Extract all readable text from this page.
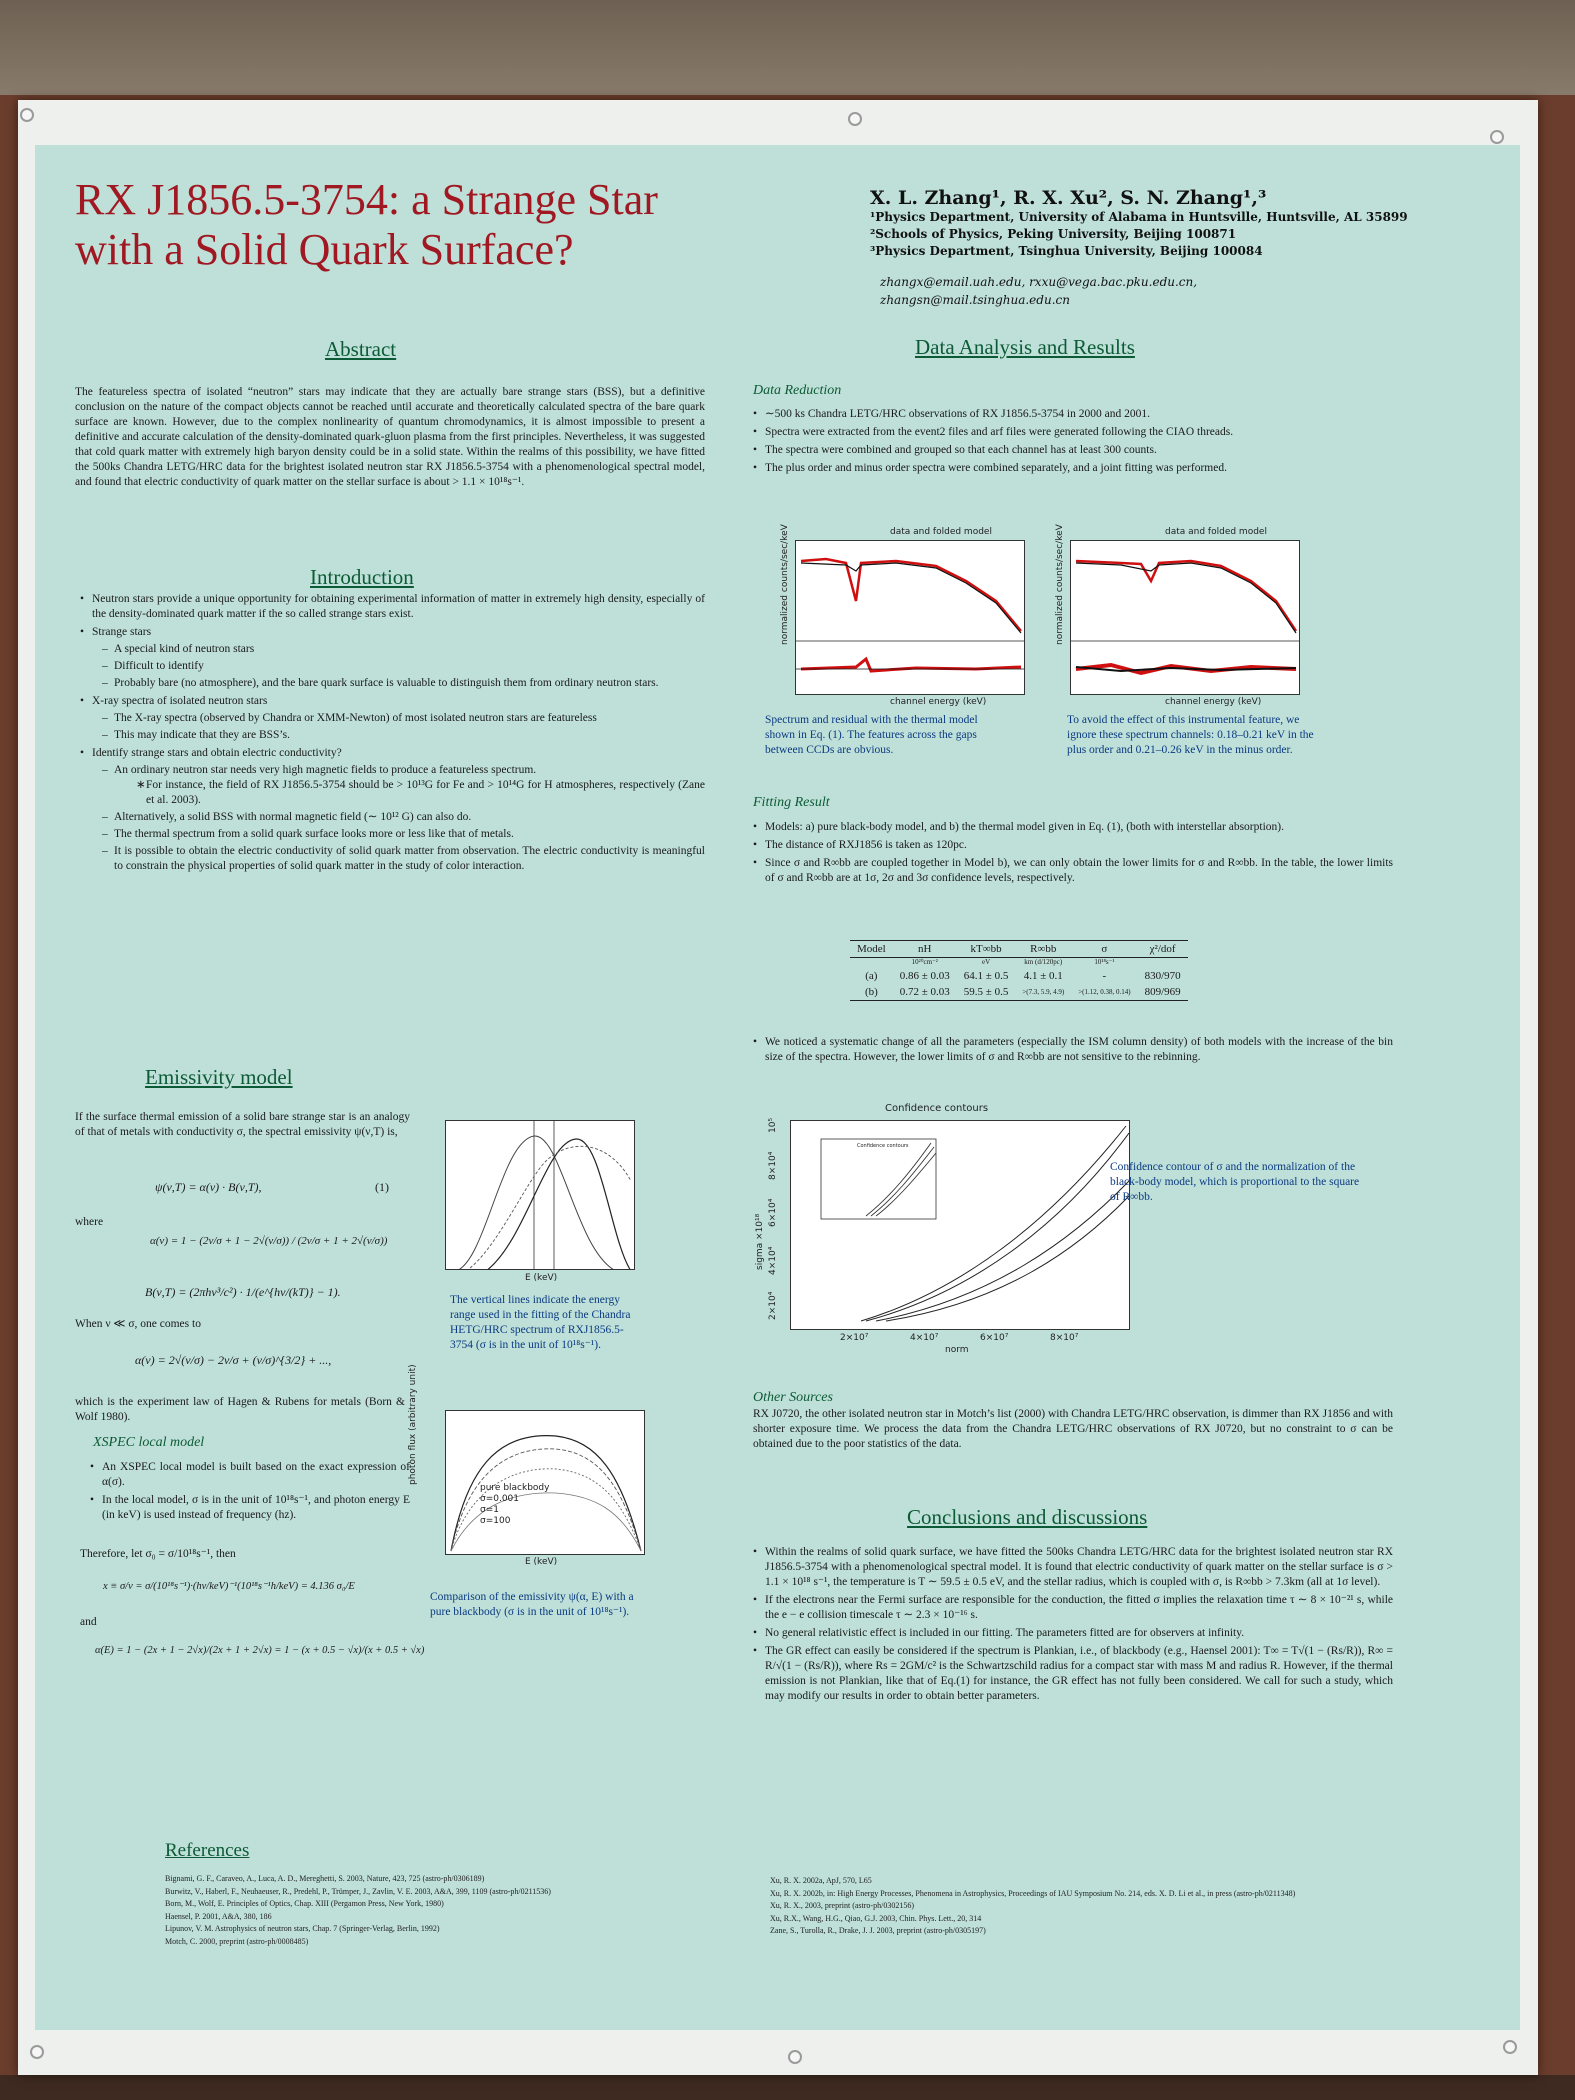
RX J1856.5-3754: a Strange Star
with a Solid Quark Surface?
X. L. Zhang¹, R. X. Xu², S. N. Zhang¹,³
¹Physics Department, University of Alabama in Huntsville, Huntsville, AL 35899
²Schools of Physics, Peking University, Beijing 100871
³Physics Department, Tsinghua University, Beijing 100084
zhangx@email.uah.edu, rxxu@vega.bac.pku.edu.cn,
zhangsn@mail.tsinghua.edu.cn
Abstract
The featureless spectra of isolated “neutron” stars may indicate that they are actually bare strange stars (BSS), but a definitive conclusion on the nature of the compact objects cannot be reached until accurate and theoretically calculated spectra of the bare quark surface are known. However, due to the complex nonlinearity of quantum chromodynamics, it is almost impossible to present a definitive and accurate calculation of the density-dominated quark-gluon plasma from the first principles. Nevertheless, it was suggested that cold quark matter with extremely high baryon density could be in a solid state. Within the realms of this possibility, we have fitted the 500ks Chandra LETG/HRC data for the brightest isolated neutron star RX J1856.5-3754 with a phenomenological spectral model, and found that electric conductivity of quark matter on the stellar surface is about > 1.1 × 10¹⁸s⁻¹.
Introduction
• Neutron stars provide a unique opportunity for obtaining experimental information of matter in extremely high density, especially of the density-dominated quark matter if the so called strange stars exist.
• Strange stars
– A special kind of neutron stars
– Difficult to identify
– Probably bare (no atmosphere), and the bare quark surface is valuable to distinguish them from ordinary neutron stars.
• X-ray spectra of isolated neutron stars
– The X-ray spectra (observed by Chandra or XMM-Newton) of most isolated neutron stars are featureless
– This may indicate that they are BSS’s.
• Identify strange stars and obtain electric conductivity?
– An ordinary neutron star needs very high magnetic fields to produce a featureless spectrum.
∗ For instance, the field of RX J1856.5-3754 should be > 10¹³G for Fe and > 10¹⁴G for H atmospheres, respectively (Zane et al. 2003).
– Alternatively, a solid BSS with normal magnetic field (∼ 10¹² G) can also do.
– The thermal spectrum from a solid quark surface looks more or less like that of metals.
– It is possible to obtain the electric conductivity of solid quark matter from observation. The electric conductivity is meaningful to constrain the physical properties of solid quark matter in the study of color interaction.
Emissivity model
If the surface thermal emission of a solid bare strange star is an analogy of that of metals with conductivity σ, the spectral emissivity ψ(ν,T) is,
ψ(ν,T) = α(ν) · B(ν,T),	(1)
where
α(ν) = 1 − (2ν/σ + 1 − 2√(ν/σ)) / (2ν/σ + 1 + 2√(ν/σ))
B(ν,T) = (2πhν³/c²) · 1/(e^{hν/(kT)} − 1).
When ν ≪ σ, one comes to
α(ν) = 2√(ν/σ) − 2ν/σ + (ν/σ)^{3/2} + ...,
which is the experiment law of Hagen & Rubens for metals (Born & Wolf 1980).
E (keV)
The vertical lines indicate the energy range used in the fitting of the Chandra HETG/HRC spectrum of RXJ1856.5-3754 (σ is in the unit of 10¹⁸s⁻¹).
XSPEC local model
• An XSPEC local model is built based on the exact expression of α(σ).
• In the local model, σ is in the unit of 10¹⁸s⁻¹, and photon energy E (in keV) is used instead of frequency (hz).
Therefore, let σ₀ = σ/10¹⁸s⁻¹, then
x ≡ σ/ν = σ/(10¹⁸s⁻¹)·(hν/keV)⁻¹(10¹⁸s⁻¹h/keV) = 4.136 σ₀/E
and
α(E) = 1 − (2x + 1 − 2√x)/(2x + 1 + 2√x) = 1 − (x + 0.5 − √x)/(x + 0.5 + √x)
pure blackbody
σ=0.001
σ=1
σ=100
E (keV)
photon flux (arbitrary unit)
Comparison of the emissivity ψ(α, E) with a pure blackbody (σ is in the unit of 10¹⁸s⁻¹).
Data Analysis and Results
Data Reduction
• ∼500 ks Chandra LETG/HRC observations of RX J1856.5-3754 in 2000 and 2001.
• Spectra were extracted from the event2 files and arf files were generated following the CIAO threads.
• The spectra were combined and grouped so that each channel has at least 300 counts.
• The plus order and minus order spectra were combined separately, and a joint fitting was performed.
data and folded model
channel energy (keV)
normalized counts/sec/keV
Spectrum and residual with the thermal model shown in Eq. (1). The features across the gaps between CCDs are obvious.
data and folded model
channel energy (keV)
normalized counts/sec/keV
To avoid the effect of this instrumental feature, we ignore these spectrum channels: 0.18–0.21 keV in the plus order and 0.21–0.26 keV in the minus order.
Fitting Result
• Models: a) pure black-body model, and b) the thermal model given in Eq. (1), (both with interstellar absorption).
• The distance of RXJ1856 is taken as 120pc.
• Since σ and R∞bb are coupled together in Model b), we can only obtain the lower limits for σ and R∞bb. In the table, the lower limits of σ and R∞bb are at 1σ, 2σ and 3σ confidence levels, respectively.
Model	nH	kT∞bb	R∞bb	σ	χ²/dof
	10²⁰cm⁻²	eV	km (d/120pc)	10¹⁸s⁻¹	
(a)	0.86 ± 0.03	64.1 ± 0.5	4.1 ± 0.1	-	830/970
(b)	0.72 ± 0.03	59.5 ± 0.5	>(7.3, 5.9, 4.9)	>(1.12, 0.38, 0.14)	809/969
• We noticed a systematic change of all the parameters (especially the ISM column density) of both models with the increase of the bin size of the spectra. However, the lower limits of σ and R∞bb are not sensitive to the rebinning.
Confidence contours
Confidence contours
2×10⁷	4×10⁷	6×10⁷	8×10⁷
norm
2×10⁴
4×10⁴
6×10⁴
8×10⁴
10⁵
sigma ×10¹⁸
Confidence contour of σ and the normalization of the black-body model, which is proportional to the square of R∞bb.
Other Sources
RX J0720, the other isolated neutron star in Motch’s list (2000) with Chandra LETG/HRC observation, is dimmer than RX J1856 and with shorter exposure time. We process the data from the Chandra LETG/HRC observations of RX J0720, but no constraint to σ can be obtained due to the poor statistics of the data.
Conclusions and discussions
• Within the realms of solid quark surface, we have fitted the 500ks Chandra LETG/HRC data for the brightest isolated neutron star RX J1856.5-3754 with a phenomenological spectral model. It is found that electric conductivity of quark matter on the stellar surface is σ > 1.1 × 10¹⁸ s⁻¹, the temperature is T ∼ 59.5 ± 0.5 eV, and the stellar radius, which is coupled with σ, is R∞bb > 7.3km (all at 1σ level).
• If the electrons near the Fermi surface are responsible for the conduction, the fitted σ implies the relaxation time τ ∼ 8 × 10⁻²¹ s, while the e − e collision timescale τ ∼ 2.3 × 10⁻¹⁶ s.
• No general relativistic effect is included in our fitting. The parameters fitted are for observers at infinity.
• The GR effect can easily be considered if the spectrum is Plankian, i.e., of blackbody (e.g., Haensel 2001): T∞ = T√(1 − (Rs/R)), R∞ = R/√(1 − (Rs/R)), where Rs = 2GM/c² is the Schwartzschild radius for a compact star with mass M and radius R. However, if the thermal emission is not Plankian, like that of Eq.(1) for instance, the GR effect has not fully been considered. We call for such a study, which may modify our results in order to obtain better parameters.
References
Bignami, G. F., Caraveo, A., Luca, A. D., Mereghetti, S. 2003, Nature, 423, 725 (astro-ph/0306189)
Burwitz, V., Haberl, F., Neuhaeuser, R., Predehl, P., Trümper, J., Zavlin, V. E. 2003, A&A, 399, 1109 (astro-ph/0211536)
Born, M., Wolf, E. Principles of Optics, Chap. XIII (Pergamon Press, New York, 1980)
Haensel, P. 2001, A&A, 380, 186
Lipunov, V. M. Astrophysics of neutron stars, Chap. 7 (Springer-Verlag, Berlin, 1992)
Motch, C. 2000, preprint (astro-ph/0008485)
Xu, R. X. 2002a, ApJ, 570, L65
Xu, R. X. 2002b, in: High Energy Processes, Phenomena in Astrophysics, Proceedings of IAU Symposium No. 214, eds. X. D. Li et al., in press (astro-ph/0211348)
Xu, R. X., 2003, preprint (astro-ph/0302156)
Xu, R.X., Wang, H.G., Qiao, G.J. 2003, Chin. Phys. Lett., 20, 314
Zane, S., Turolla, R., Drake, J. J. 2003, preprint (astro-ph/0305197)
